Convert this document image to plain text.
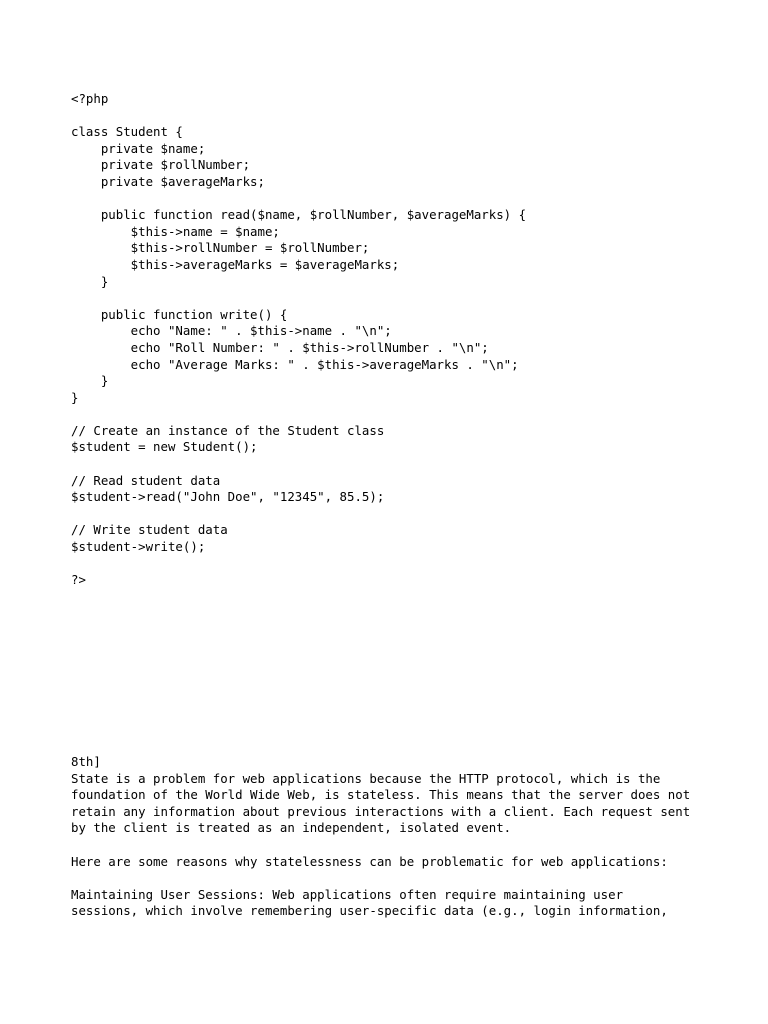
<?php
class Student {
private $name;
private $rollNumber;
private $averageMarks;
public function read($name, $rollNumber, $averageMarks) {
$this->name = $name;
$this->rollNumber = $rollNumber;
$this->averageMarks = $averageMarks;
}
public function write() {
echo "Name: " . $this->name . "\n";
echo "Roll Number: " . $this->rollNumber . "\n";
echo "Average Marks: " . $this->averageMarks . "\n";
}
}
// Create an instance of the Student class
$student = new Student();
// Read student data
$student->read("John Doe", "12345", 85.5);
// Write student data
$student->write();
?>
8th]
State is a problem for web applications because the HTTP protocol, which is the
foundation of the World Wide Web, is stateless. This means that the server does not
retain any information about previous interactions with a client. Each request sent
by the client is treated as an independent, isolated event.
Here are some reasons why statelessness can be problematic for web applications:
Maintaining User Sessions: Web applications often require maintaining user
sessions, which involve remembering user-specific data (e.g., login information,
